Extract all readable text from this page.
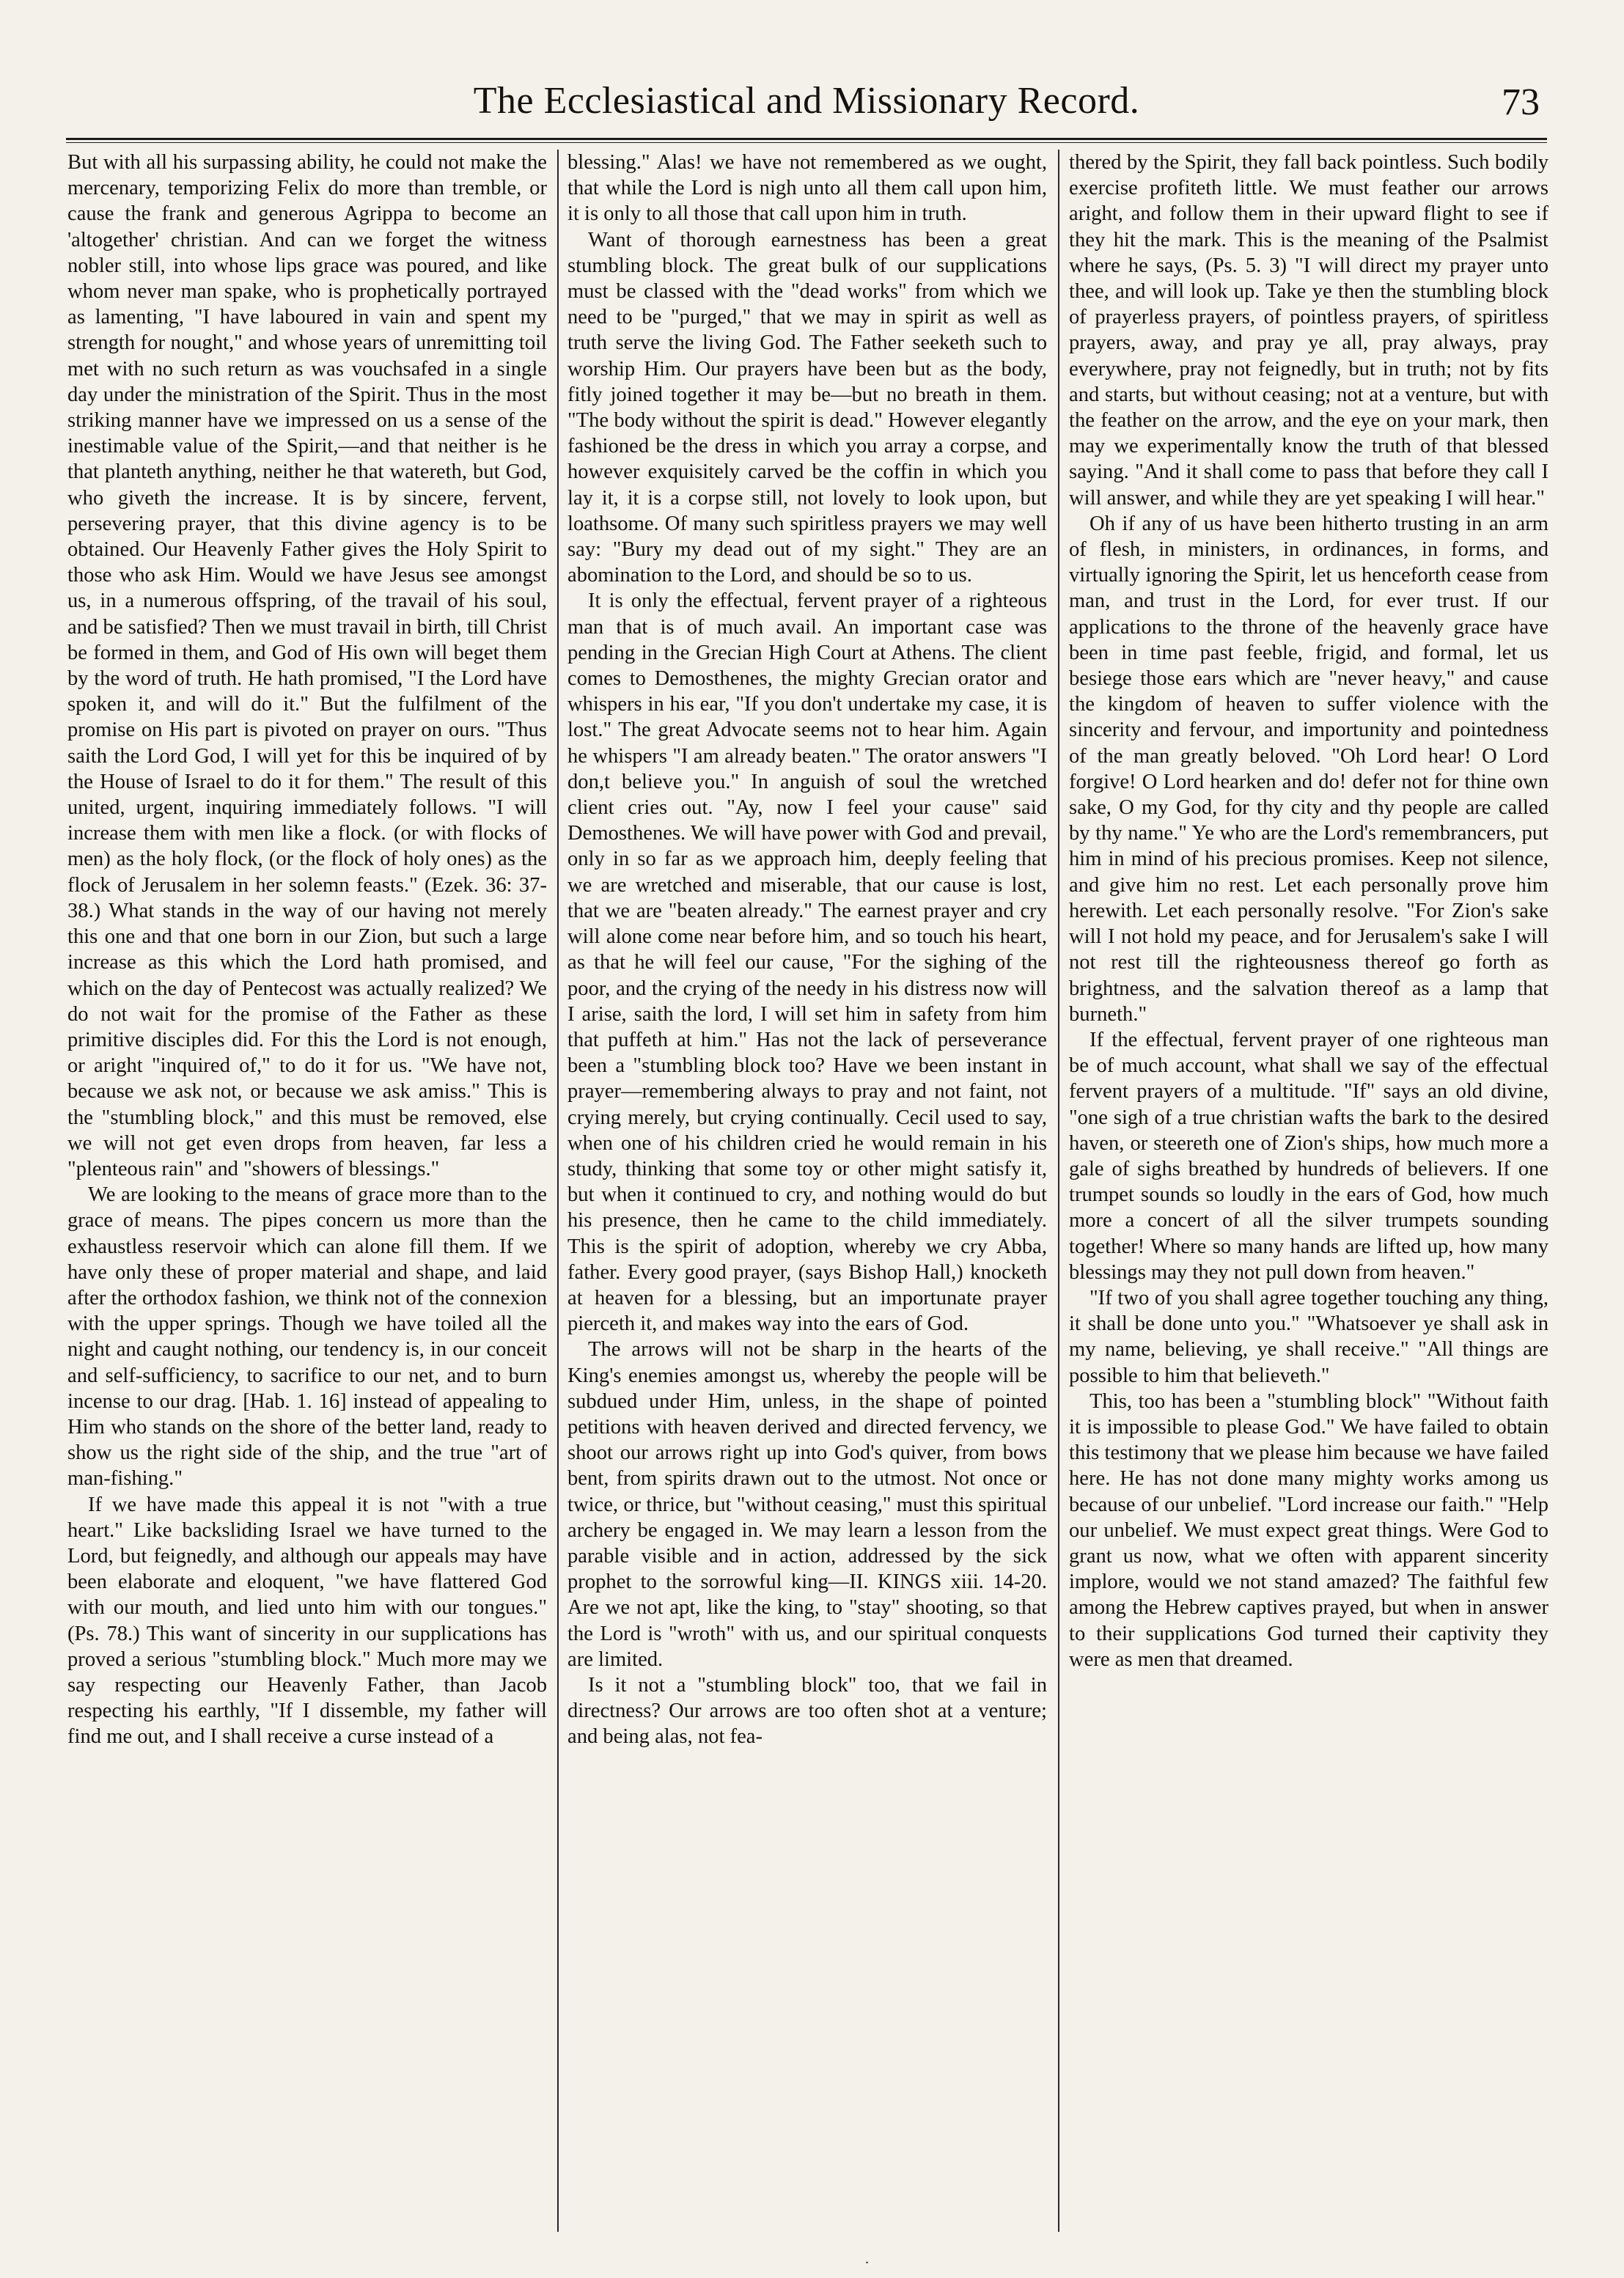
The Ecclesiastical and Missionary Record.	73

But with all his surpassing ability, he could not make the mercenary, temporizing Felix do more than tremble, or cause the frank and generous Agrippa to become an 'altogether' christian. And can we forget the witness nobler still, into whose lips grace was poured, and like whom never man spake, who is prophetically portrayed as lamenting, "I have laboured in vain and spent my strength for nought," and whose years of unremitting toil met with no such return as was vouchsafed in a single day under the ministration of the Spirit. Thus in the most striking manner have we impressed on us a sense of the inestimable value of the Spirit,—and that neither is he that planteth anything, neither he that watereth, but God, who giveth the increase. It is by sincere, fervent, persevering prayer, that this divine agency is to be obtained. Our Heavenly Father gives the Holy Spirit to those who ask Him. Would we have Jesus see amongst us, in a numerous offspring, of the travail of his soul, and be satisfied? Then we must travail in birth, till Christ be formed in them, and God of His own will beget them by the word of truth. He hath promised, "I the Lord have spoken it, and will do it." But the fulfilment of the promise on His part is pivoted on prayer on ours. "Thus saith the Lord God, I will yet for this be inquired of by the House of Israel to do it for them." The result of this united, urgent, inquiring immediately follows. "I will increase them with men like a flock. (or with flocks of men) as the holy flock, (or the flock of holy ones) as the flock of Jerusalem in her solemn feasts." (Ezek. 36: 37-38.) What stands in the way of our having not merely this one and that one born in our Zion, but such a large increase as this which the Lord hath promised, and which on the day of Pentecost was actually realized? We do not wait for the promise of the Father as these primitive disciples did. For this the Lord is not enough, or aright "inquired of," to do it for us. "We have not, because we ask not, or because we ask amiss." This is the "stumbling block," and this must be removed, else we will not get even drops from heaven, far less a "plenteous rain" and "showers of blessings."

We are looking to the means of grace more than to the grace of means. The pipes concern us more than the exhaustless reservoir which can alone fill them. If we have only these of proper material and shape, and laid after the orthodox fashion, we think not of the connexion with the upper springs. Though we have toiled all the night and caught nothing, our tendency is, in our conceit and self-sufficiency, to sacrifice to our net, and to burn incense to our drag. [Hab. 1. 16] instead of appealing to Him who stands on the shore of the better land, ready to show us the right side of the ship, and the true "art of man-fishing."

If we have made this appeal it is not "with a true heart." Like backsliding Israel we have turned to the Lord, but feignedly, and although our appeals may have been elaborate and eloquent, "we have flattered God with our mouth, and lied unto him with our tongues." (Ps. 78.) This want of sincerity in our supplications has proved a serious "stumbling block." Much more may we say respecting our Heavenly Father, than Jacob respecting his earthly, "If I dissemble, my father will find me out, and I shall receive a curse instead of a

blessing." Alas! we have not remembered as we ought, that while the Lord is nigh unto all them call upon him, it is only to all those that call upon him in truth.

Want of thorough earnestness has been a great stumbling block. The great bulk of our supplications must be classed with the "dead works" from which we need to be "purged," that we may in spirit as well as truth serve the living God. The Father seeketh such to worship Him. Our prayers have been but as the body, fitly joined together it may be—but no breath in them. "The body without the spirit is dead." However elegantly fashioned be the dress in which you array a corpse, and however exquisitely carved be the coffin in which you lay it, it is a corpse still, not lovely to look upon, but loathsome. Of many such spiritless prayers we may well say: "Bury my dead out of my sight." They are an abomination to the Lord, and should be so to us.

It is only the effectual, fervent prayer of a righteous man that is of much avail. An important case was pending in the Grecian High Court at Athens. The client comes to Demosthenes, the mighty Grecian orator and whispers in his ear, "If you don't undertake my case, it is lost." The great Advocate seems not to hear him. Again he whispers "I am already beaten." The orator answers "I don,t believe you." In anguish of soul the wretched client cries out. "Ay, now I feel your cause" said Demosthenes. We will have power with God and prevail, only in so far as we approach him, deeply feeling that we are wretched and miserable, that our cause is lost, that we are "beaten already." The earnest prayer and cry will alone come near before him, and so touch his heart, as that he will feel our cause, "For the sighing of the poor, and the crying of the needy in his distress now will I arise, saith the lord, I will set him in safety from him that puffeth at him." Has not the lack of perseverance been a "stumbling block too? Have we been instant in prayer—remembering always to pray and not faint, not crying merely, but crying continually. Cecil used to say, when one of his children cried he would remain in his study, thinking that some toy or other might satisfy it, but when it continued to cry, and nothing would do but his presence, then he came to the child immediately. This is the spirit of adoption, whereby we cry Abba, father. Every good prayer, (says Bishop Hall,) knocketh at heaven for a blessing, but an importunate prayer pierceth it, and makes way into the ears of God.

The arrows will not be sharp in the hearts of the King's enemies amongst us, whereby the people will be subdued under Him, unless, in the shape of pointed petitions with heaven derived and directed fervency, we shoot our arrows right up into God's quiver, from bows bent, from spirits drawn out to the utmost. Not once or twice, or thrice, but "without ceasing," must this spiritual archery be engaged in. We may learn a lesson from the parable visible and in action, addressed by the sick prophet to the sorrowful king—II. KINGS xiii. 14-20. Are we not apt, like the king, to "stay" shooting, so that the Lord is "wroth" with us, and our spiritual conquests are limited.

Is it not a "stumbling block" too, that we fail in directness? Our arrows are too often shot at a venture; and being alas, not fea-

thered by the Spirit, they fall back pointless. Such bodily exercise profiteth little. We must feather our arrows aright, and follow them in their upward flight to see if they hit the mark. This is the meaning of the Psalmist where he says, (Ps. 5. 3) "I will direct my prayer unto thee, and will look up. Take ye then the stumbling block of prayerless prayers, of pointless prayers, of spiritless prayers, away, and pray ye all, pray always, pray everywhere, pray not feignedly, but in truth; not by fits and starts, but without ceasing; not at a venture, but with the feather on the arrow, and the eye on your mark, then may we experimentally know the truth of that blessed saying. "And it shall come to pass that before they call I will answer, and while they are yet speaking I will hear."

Oh if any of us have been hitherto trusting in an arm of flesh, in ministers, in ordinances, in forms, and virtually ignoring the Spirit, let us henceforth cease from man, and trust in the Lord, for ever trust. If our applications to the throne of the heavenly grace have been in time past feeble, frigid, and formal, let us besiege those ears which are "never heavy," and cause the kingdom of heaven to suffer violence with the sincerity and fervour, and importunity and pointedness of the man greatly beloved. "Oh Lord hear! O Lord forgive! O Lord hearken and do! defer not for thine own sake, O my God, for thy city and thy people are called by thy name." Ye who are the Lord's remembrancers, put him in mind of his precious promises. Keep not silence, and give him no rest. Let each personally prove him herewith. Let each personally resolve. "For Zion's sake will I not hold my peace, and for Jerusalem's sake I will not rest till the righteousness thereof go forth as brightness, and the salvation thereof as a lamp that burneth."

If the effectual, fervent prayer of one righteous man be of much account, what shall we say of the effectual fervent prayers of a multitude. "If" says an old divine, "one sigh of a true christian wafts the bark to the desired haven, or steereth one of Zion's ships, how much more a gale of sighs breathed by hundreds of believers. If one trumpet sounds so loudly in the ears of God, how much more a concert of all the silver trumpets sounding together! Where so many hands are lifted up, how many blessings may they not pull down from heaven."

"If two of you shall agree together touching any thing, it shall be done unto you." "Whatsoever ye shall ask in my name, believing, ye shall receive." "All things are possible to him that believeth."

This, too has been a "stumbling block" "Without faith it is impossible to please God." We have failed to obtain this testimony that we please him because we have failed here. He has not done many mighty works among us because of our unbelief. "Lord increase our faith." "Help our unbelief. We must expect great things. Were God to grant us now, what we often with apparent sincerity implore, would we not stand amazed? The faithful few among the Hebrew captives prayed, but when in answer to their supplications God turned their captivity they were as men that dreamed.

.
